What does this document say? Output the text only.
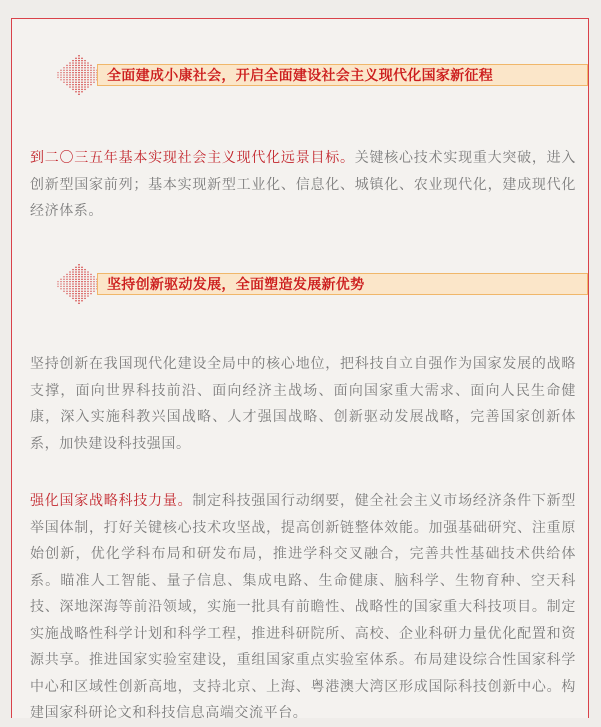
全面建成小康社会，开启全面建设社会主义现代化国家新征程
到二〇三五年基本实现社会主义现代化远景目标。关键核心技术实现重大突破，进入创新型国家前列；基本实现新型工业化、信息化、城镇化、农业现代化，建成现代化经济体系。
坚持创新驱动发展，全面塑造发展新优势
坚持创新在我国现代化建设全局中的核心地位，把科技自立自强作为国家发展的战略支撑，面向世界科技前沿、面向经济主战场、面向国家重大需求、面向人民生命健康，深入实施科教兴国战略、人才强国战略、创新驱动发展战略，完善国家创新体系，加快建设科技强国。
强化国家战略科技力量。制定科技强国行动纲要，健全社会主义市场经济条件下新型举国体制，打好关键核心技术攻坚战，提高创新链整体效能。加强基础研究、注重原始创新，优化学科布局和研发布局，推进学科交叉融合，完善共性基础技术供给体系。瞄准人工智能、量子信息、集成电路、生命健康、脑科学、生物育种、空天科技、深地深海等前沿领域，实施一批具有前瞻性、战略性的国家重大科技项目。制定实施战略性科学计划和科学工程，推进科研院所、高校、企业科研力量优化配置和资源共享。推进国家实验室建设，重组国家重点实验室体系。布局建设综合性国家科学中心和区域性创新高地，支持北京、上海、粤港澳大湾区形成国际科技创新中心。构建国家科研论文和科技信息高端交流平台。
